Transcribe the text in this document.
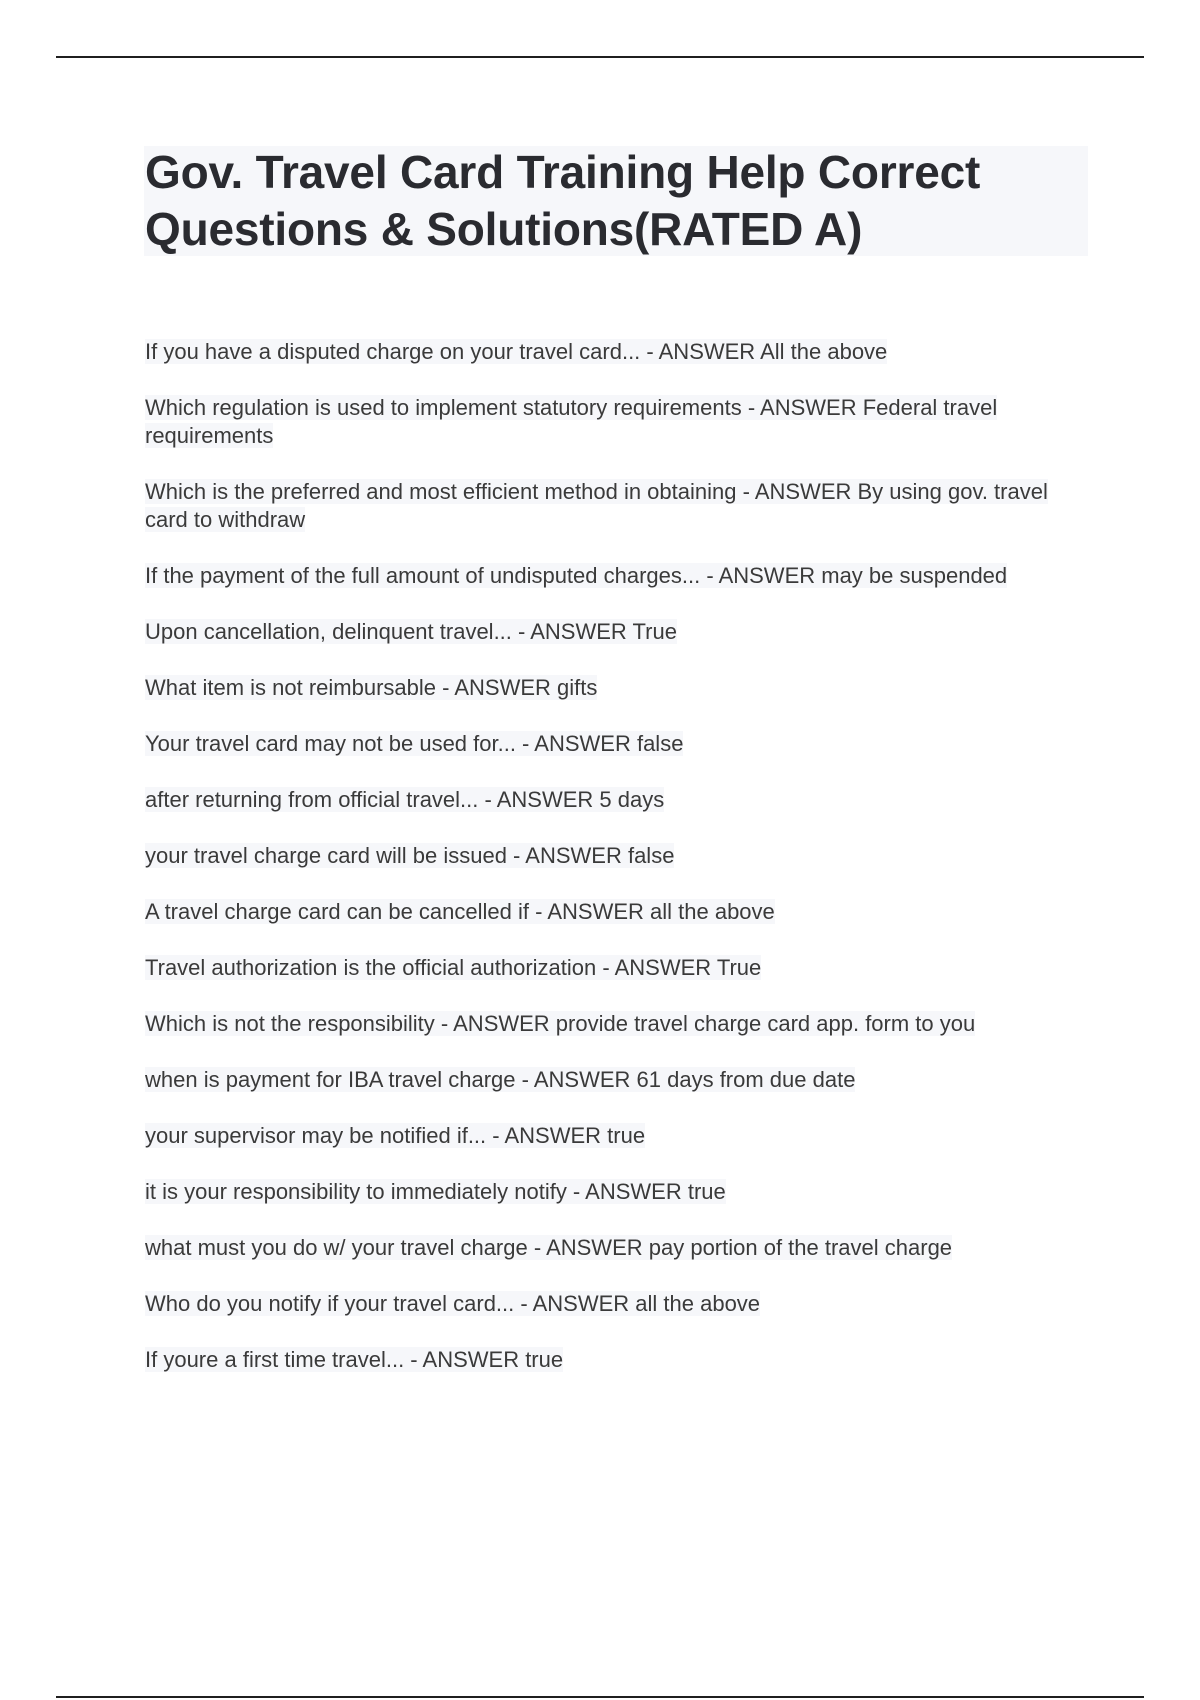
Gov. Travel Card Training Help Correct Questions & Solutions(RATED A)
If you have a disputed charge on your travel card... - ANSWER All the above
Which regulation is used to implement statutory requirements - ANSWER Federal travel requirements
Which is the preferred and most efficient method in obtaining - ANSWER By using gov. travel card to withdraw
If the payment of the full amount of undisputed charges... - ANSWER may be suspended
Upon cancellation, delinquent travel... - ANSWER True
What item is not reimbursable - ANSWER gifts
Your travel card may not be used for... - ANSWER false
after returning from official travel... - ANSWER 5 days
your travel charge card will be issued - ANSWER false
A travel charge card can be cancelled if - ANSWER all the above
Travel authorization is the official authorization - ANSWER True
Which is not the responsibility - ANSWER provide travel charge card app. form to you
when is payment for IBA travel charge - ANSWER 61 days from due date
your supervisor may be notified if... - ANSWER true
it is your responsibility to immediately notify - ANSWER true
what must you do w/ your travel charge - ANSWER pay portion of the travel charge
Who do you notify if your travel card... - ANSWER all the above
If youre a first time travel... - ANSWER true
